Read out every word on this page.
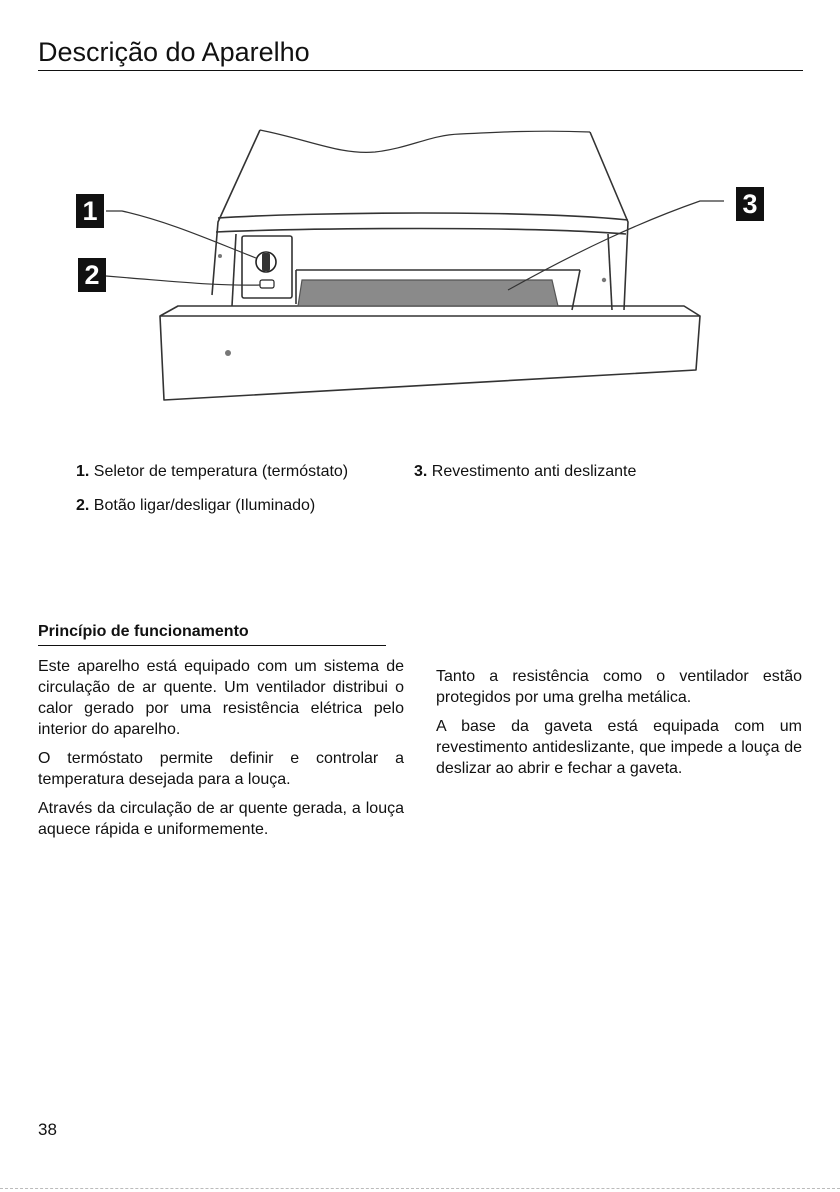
Descrição do Aparelho
1
2
3
1. Seletor de temperatura (termóstato)
2. Botão ligar/desligar (Iluminado)
3. Revestimento anti deslizante
Princípio de funcionamento

Este aparelho está equipado com um sistema de circulação de ar quente. Um ventilador distribui o calor gerado por uma resistência elétrica pelo interior do aparelho.

O termóstato permite definir e controlar a temperatura desejada para a louça.

Através da circulação de ar quente gerada, a louça aquece rápida e uniformemente.

Tanto a resistência como o ventilador estão protegidos por uma grelha metálica.

A base da gaveta está equipada com um revestimento antideslizante, que impede a louça de deslizar ao abrir e fechar a gaveta.

38
